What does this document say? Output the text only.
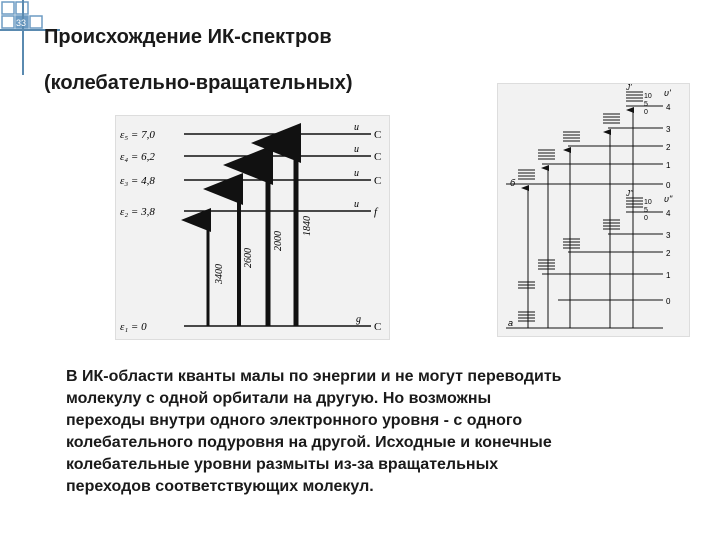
33
Происхождение ИК-спектров
(колебательно-вращательных)
ε₅ = 7,0
ε₄ = 6,2
ε₃ = 4,8
ε₂ = 3,8
ε₁ = 0
u
C
u
C
u
C
u
f
g
C
3400
2600
2000
1840
4
3
2
1
0
4
3
2
1
0
υ'
υ"
J'
10
5
0
J"
10
5
0
б
а
В ИК-области кванты малы по энергии и не могут переводить
молекулу с одной орбитали на другую. Но возможны
переходы внутри одного электронного уровня - с одного
колебательного подуровня на другой. Исходные и конечные
колебательные уровни размыты из-за вращательных
переходов соответствующих молекул.
